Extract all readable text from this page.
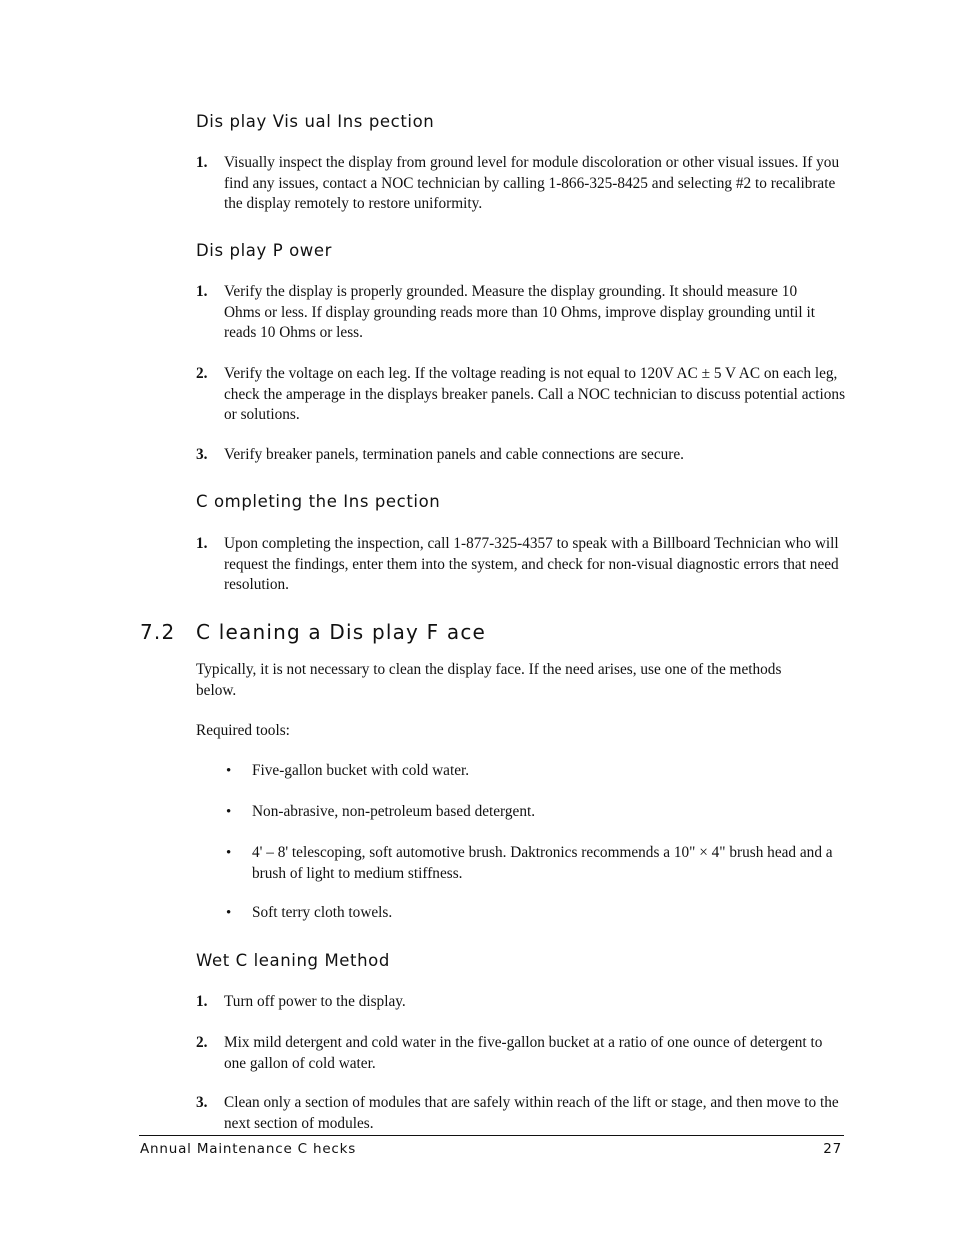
Dis play Vis ual Ins pection
1. Visually inspect the display from ground level for module discoloration or other visual issues. If you find any issues, contact a NOC technician by calling 1-866-325-8425 and selecting #2 to recalibrate the display remotely to restore uniformity.
Dis play P ower
1. Verify the display is properly grounded. Measure the display grounding. It should measure 10 Ohms or less. If display grounding reads more than 10 Ohms, improve display grounding until it reads 10 Ohms or less.
2. Verify the voltage on each leg. If the voltage reading is not equal to 120V AC ± 5 V AC on each leg, check the amperage in the displays breaker panels. Call a NOC technician to discuss potential actions or solutions.
3. Verify breaker panels, termination panels and cable connections are secure.
C ompleting the Ins pection
1. Upon completing the inspection, call 1-877-325-4357 to speak with a Billboard Technician who will request the findings, enter them into the system, and check for non-visual diagnostic errors that need resolution.
7.2 C leaning a Dis play F ace
Typically, it is not necessary to clean the display face. If the need arises, use one of the methods below.
Required tools:
• Five-gallon bucket with cold water.
• Non-abrasive, non-petroleum based detergent.
• 4' – 8' telescoping, soft automotive brush. Daktronics recommends a 10" × 4" brush head and a brush of light to medium stiffness.
• Soft terry cloth towels.
Wet C leaning Method
1. Turn off power to the display.
2. Mix mild detergent and cold water in the five-gallon bucket at a ratio of one ounce of detergent to one gallon of cold water.
3. Clean only a section of modules that are safely within reach of the lift or stage, and then move to the next section of modules.
Annual Maintenance C hecks	27
